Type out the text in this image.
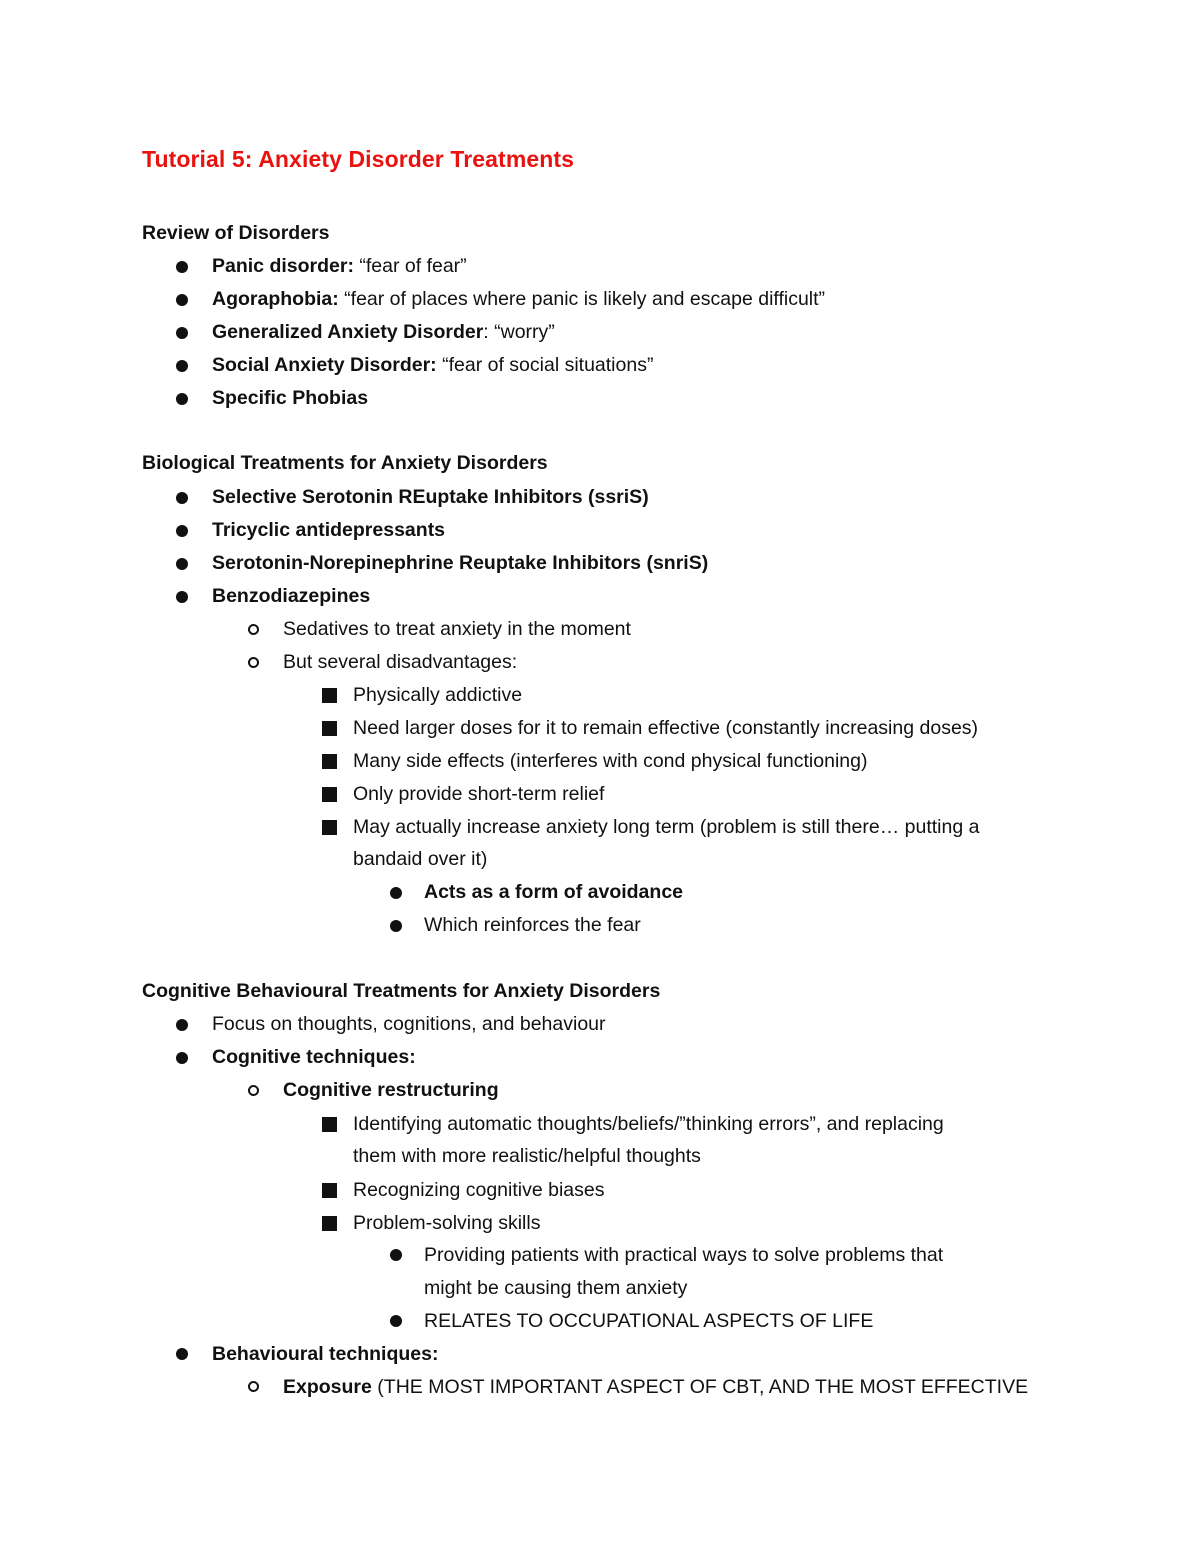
Tutorial 5: Anxiety Disorder Treatments
Review of Disorders
Panic disorder: “fear of fear”
Agoraphobia: “fear of places where panic is likely and escape difficult”
Generalized Anxiety Disorder: “worry”
Social Anxiety Disorder: “fear of social situations”
Specific Phobias
Biological Treatments for Anxiety Disorders
Selective Serotonin REuptake Inhibitors (ssriS)
Tricyclic antidepressants
Serotonin-Norepinephrine Reuptake Inhibitors (snriS)
Benzodiazepines
Sedatives to treat anxiety in the moment
But several disadvantages:
Physically addictive
Need larger doses for it to remain effective (constantly increasing doses)
Many side effects (interferes with cond physical functioning)
Only provide short-term relief
May actually increase anxiety long term (problem is still there… putting a
bandaid over it)
Acts as a form of avoidance
Which reinforces the fear
Cognitive Behavioural Treatments for Anxiety Disorders
Focus on thoughts, cognitions, and behaviour
Cognitive techniques:
Cognitive restructuring
Identifying automatic thoughts/beliefs/”thinking errors”, and replacing
them with more realistic/helpful thoughts
Recognizing cognitive biases
Problem-solving skills
Providing patients with practical ways to solve problems that
might be causing them anxiety
RELATES TO OCCUPATIONAL ASPECTS OF LIFE
Behavioural techniques:
Exposure (THE MOST IMPORTANT ASPECT OF CBT, AND THE MOST EFFECTIVE
